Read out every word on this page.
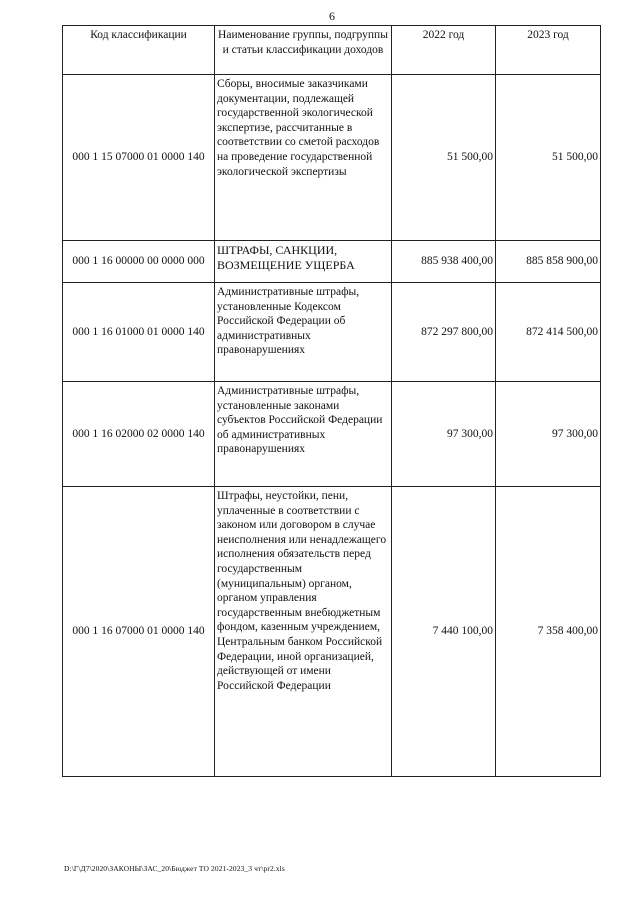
6
Код классификации	Наименование группы, подгруппы и статьи классификации доходов	2022 год	2023 год
000 1 15 07000 01 0000 140	Сборы, вносимые заказчиками документации, подлежащей государственной экологической экспертизе, рассчитанные в соответствии со сметой расходов на проведение государственной экологической экспертизы	51 500,00	51 500,00
000 1 16 00000 00 0000 000	ШТРАФЫ, САНКЦИИ, ВОЗМЕЩЕНИЕ УЩЕРБА	885 938 400,00	885 858 900,00
000 1 16 01000 01 0000 140	Административные штрафы, установленные Кодексом Российской Федерации об административных правонарушениях	872 297 800,00	872 414 500,00
000 1 16 02000 02 0000 140	Административные штрафы, установленные законами субъектов Российской Федерации об административных правонарушениях	97 300,00	97 300,00
000 1 16 07000 01 0000 140	Штрафы, неустойки, пени, уплаченные в соответствии с законом или договором в случае неисполнения или ненадлежащего исполнения обязательств перед государственным (муниципальным) органом, органом управления государственным внебюджетным фондом, казенным учреждением, Центральным банком Российской Федерации, иной организацией, действующей от имени Российской Федерации	7 440 100,00	7 358 400,00
D:\Г\Д7\2020\ЗАКОНЫ\ЗАС_20\Бюджет ТО 2021-2023_3 чт\pr2.xls
